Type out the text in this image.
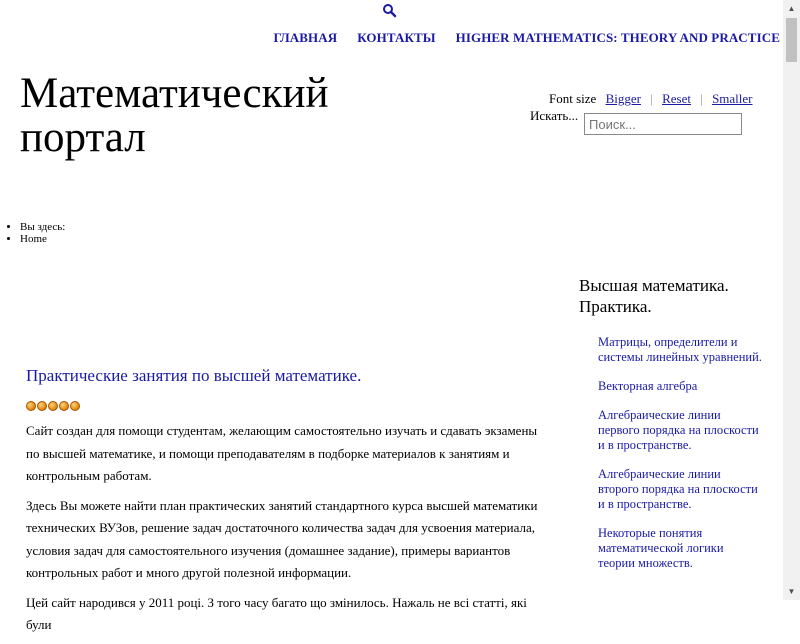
ГЛАВНАЯ КОНТАКТЫ HIGHER MATHEMATICS: THEORY AND PRACTICE
Математический
портал
Font size Bigger | Reset | Smaller
Искать...
Поиск...
• Вы здесь:
• Home
Практические занятия по высшей математике.

Сайт создан для помощи студентам, желающим самостоятельно изучать и сдавать экзамены по высшей математике, и помощи преподавателям в подборке материалов к занятиям и контрольным работам.

Здесь Вы можете найти план практических занятий стандартного курса высшей математики технических ВУЗов, решение задач достаточного количества задач для усвоения материала, условия задач для самостоятельного изучения (домашнее задание), примеры вариантов контрольных работ и много другой полезной информации.

Цей сайт народився у 2011 році. З того часу багато що змінилось. Нажаль не всі статті, які були

Высшая математика. Практика.
Матрицы, определители и системы линейных уравнений.
Векторная алгебра
Алгебраические линии первого порядка на плоскости и в пространстве.
Алгебраические линии второго порядка на плоскости и в пространстве.
Некоторые понятия математической логики теории множеств.
▲
▼
